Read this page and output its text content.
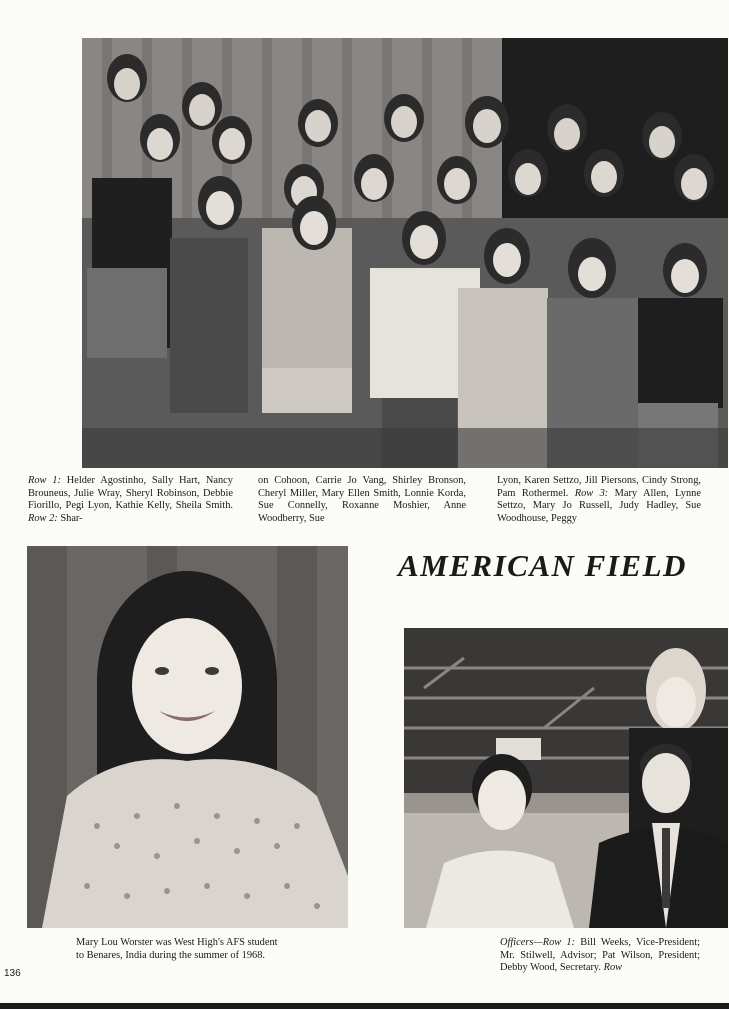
Row 1: Helder Agostinho, Sally Hart, Nancy Brouneus, Julie Wray, Sheryl Robinson, Debbie Fiorillo, Pegi Lyon, Kathie Kelly, Sheila Smith. Row 2: Shar-

on Cohoon, Carrie Jo Vang, Shirley Bronson, Cheryl Miller, Mary Ellen Smith, Lonnie Korda, Sue Connelly, Roxanne Moshier, Anne Woodberry, Sue

Lyon, Karen Settzo, Jill Piersons, Cindy Strong, Pam Rothermel. Row 3: Mary Allen, Lynne Settzo, Mary Jo Russell, Judy Hadley, Sue Woodhouse, Peggy

AMERICAN FIELD

Mary Lou Worster was West High's AFS student to Benares, India during the summer of 1968.

Officers—Row 1: Bill Weeks, Vice-President; Mr. Stilwell, Advisor; Pat Wilson, President; Debby Wood, Secretary. Row

136
